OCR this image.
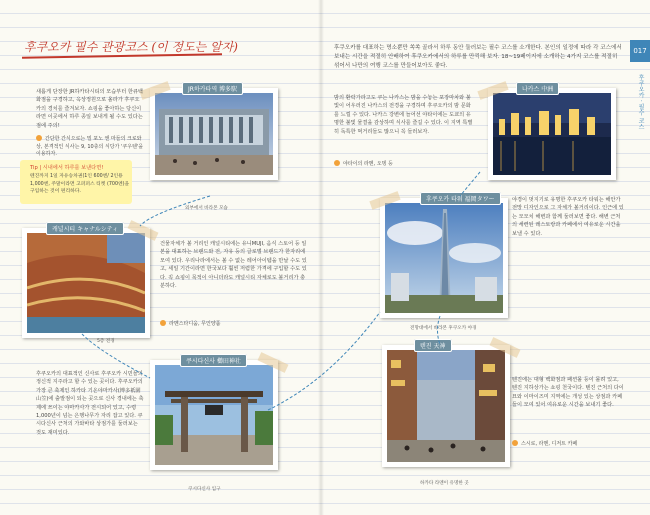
후쿠오카 필수 관광코스 (이 정도는 알자)	017
후쿠오카 · 필수 코스
후쿠오카를 대표하는 명소뿐만 쏙쏙 골라서 하루 동안 둘러보는 필수 코스를 소개한다. 본인의 일정에 따라 각 코스에서 보내는 시간을 적절히 안배하여 후쿠오카에서의 하루를 만끽해 보자. 18~19페이지에 소개하는 4가지 코스를 적절히 섞어서 나만의 여행 코스를 만들어보아도 좋다.
JR하카타역 博多駅
외부에서 바라본 모습
새롭게 단장한 JR하카타시티의 모습부터 한큐백화점을 구경하고, 옥상정원으로 올라가 후쿠오카의 경치를 즐겨보자. 쇼핑을 좋아하는 당신이라면 이곳에서 하루 종일 보내게 될 수도 있다는 점에 주의!
간단한 간식으로는 밀 포노 앤 마들의 크로와상, 본격적인 식사는 9, 10층의 식당가 '쿠우텐'을 이용하자.
Tip | 시내에서 하루를 보낸다면!
텐진까지 1일 자유승차권(1인 600엔/ 2인용 1,000엔, 주말이라면 고퍼퍼스 티켓 (700엔)을 구입하는 것이 편리하다.
캐널시티 キャナルシティ
5층 전경
건물자체가 볼 거리인 캐널시티에는 유니MUJI, 음식 스토어 등 일본을 대표하는 브랜드와 전, 자유 등의 글로벌 브랜드가 한자리에 모여 있다. 우리나라에서는 볼 수 없는 레어아이템을 만날 수도 있고, 세일 기간이라면 한국보다 훨씬 저렴한 가격에 구입할 수도 있다. 꼭 쇼핑이 목적이 아니더라도 캐널시티 자체로도 볼거리가 충분하다.
라멘스타디움, 무인양품
쿠시다신사 櫛田神社
쿠시다신사 입구
후쿠오카의 대표적인 신사로 후쿠오카 시민들의 정신적 지주라고 할 수 있는 곳이다. 후쿠오카의 가장 큰 축제인 하카타 기온야마카사(博多祇園山笠)에 출발점이 되는 곳으로 신사 경내에는 축제에 쓰이는 야마카사가 전시되어 있고, 수령 1,000년이 넘는 은행나무가 자리 잡고 있다. 쿠시다신사 근처의 가와바타 상점가를 둘러보는 것도 재미있다.
나카스 中洲
밤의 환락가라고도 쿠는 나카스는 밤을 수놓는 포장마차와 불빛이 어우러진 나카스의 전경을 구경하며 후쿠오카의 밤 문화를 느낄 수 있다. 나카스 강변에 늘어선 야타이에는 도쿄의 유명한 불빛 물결을 감상하며 식사를 즐길 수 있다. 이 지역 특별히 독특한 먹거리들도 많으니 꼭 들러보자.
야타이의 라멘, 오뎅 등
후쿠오카 타워 福岡タワー
전망대에서 바라본 후쿠오카 야경
야경이 멋지기로 유명한 후쿠오카 타워는 해안가 전망 디자인으로 그 자체가 볼거리이다. 인근에 있는 모모치 해변과 함께 둘러보면 좋다. 해변 근처의 세련된 레스토랑과 카페에서 여유로운 시간을 보낼 수 있다.
텐진 天神
하카타 라멘이 유명한 곳
텐진에는 대형 백화점과 패션몰 등이 몰려 있고, 텐진 지하상가는 쇼핑 천국이다. 텐진 근처의 다이묘와 이마이즈미 지역에는 개성 있는 상점과 카페들이 모여 있어 여유로운 시간을 보내기 좋다.
스시로, 라멘, 디저트 카페
